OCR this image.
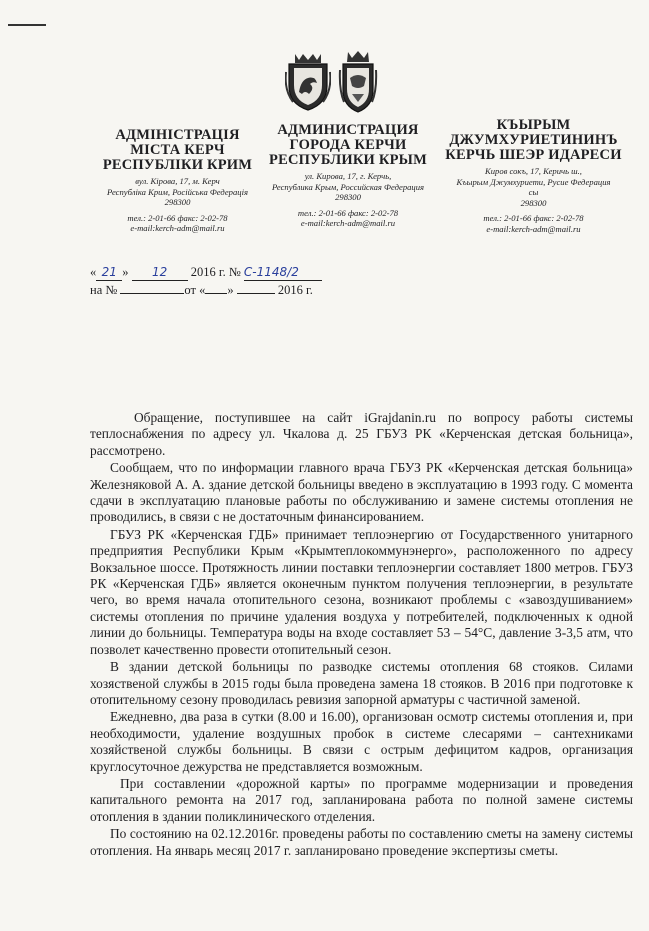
АДМІНІСТРАЦІЯ
МІСТА КЕРЧ
РЕСПУБЛІКИ КРИМ
вул. Кірова, 17, м. Керч
Республіка Крим, Російська Федерація
298300
тел.: 2-01-66 факс: 2-02-78
e-mail:kerch-adm@mail.ru
АДМИНИСТРАЦИЯ
ГОРОДА КЕРЧИ
РЕСПУБЛИКИ КРЫМ
ул. Кирова, 17, г. Керчь,
Республика Крым, Российская Федерация
298300
тел.: 2-01-66 факс: 2-02-78
e-mail:kerch-adm@mail.ru
КЪЫРЫМ
ДЖУМХУРИЕТИНИНЪ
КЕРЧЬ ШЕЭР ИДАРЕСИ
Киров сокъ, 17, Керичь ш.,
Къырым Джумхуриети, Русие Федерация
сы
298300
тел.: 2-01-66 факс: 2-02-78
e-mail:kerch-adm@mail.ru
« 21 » 12 2016 г. № С-1148/2
на №	от « »	2016 г.

Обращение, поступившее на сайт iGrajdanin.ru по вопросу работы системы теплоснабжения по адресу ул. Чкалова д. 25 ГБУЗ РК «Керченская детская больница», рассмотрено.

Сообщаем, что по информации главного врача ГБУЗ РК «Керченская детская больница» Железняковой А. А. здание детской больницы введено в эксплуатацию в 1993 году. С момента сдачи в эксплуатацию плановые работы по обслуживанию и замене системы отопления не проводились, в связи с не достаточным финансированием.

ГБУЗ РК «Керченская ГДБ» принимает теплоэнергию от Государственного унитарного предприятия Республики Крым «Крымтеплокоммунэнерго», расположенного по адресу Вокзальное шоссе. Протяжность линии поставки теплоэнергии составляет 1800 метров. ГБУЗ РК «Керченская ГДБ» является оконечным пунктом получения теплоэнергии, в результате чего, во время начала отопительного сезона, возникают проблемы с «завоздушиванием» системы отопления по причине удаления воздуха у потребителей, подключенных к одной линии до больницы. Температура воды на входе составляет 53 – 54°С, давление 3-3,5 атм, что позволет качественно провести отопительный сезон.

В здании детской больницы по разводке системы отопления 68 стояков. Силами хозяственой службы в 2015 годы была проведена замена 18 стояков. В 2016 при подготовке к отопительному сезону проводилась ревизия запорной арматуры с частичной заменой.

Ежедневно, два раза в сутки (8.00 и 16.00), организован осмотр системы отопления и, при необходимости, удаление воздушных пробок в системе слесарями – сантехниками хозяйственой службы больницы. В связи с острым дефицитом кадров, организация круглосуточное дежурства не представляется возможным.

При составлении «дорожной карты» по программе модернизации и проведения капитального ремонта на 2017 год, запланирована работа по полной замене системы отопления в здании поликлинического отделения.

По состоянию на 02.12.2016г. проведены работы по составлению сметы на замену системы отопления. На январь месяц 2017 г. запланировано проведение экспертизы сметы.
